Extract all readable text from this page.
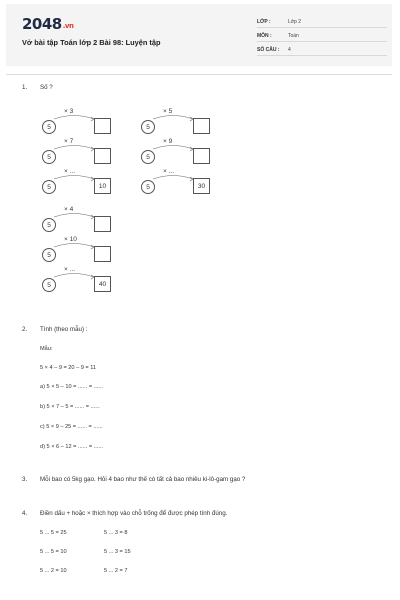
2048.vn
Vở bài tập Toán lớp 2 Bài 98: Luyện tập
LỚP :	Lớp 2
MÔN :	Toán
SỐ CÂU : 4
1. Số ?
5
× 3
5
× 7
5
× ...
10
5
× 5
5
× 9
5
× ...
30
5
× 4
5
× 10
5
× ...
40
2. Tính (theo mẫu) :
Mẫu:
5 × 4 – 9 = 20 – 9 = 11
a) 5 × 5 – 10 = ...... = ......
b) 5 × 7 – 5 = ...... = ......
c) 5 × 9 – 25 = ...... = ......
d) 5 × 6 – 12 = ...... = ......
3. Mỗi bao có 5kg gạo. Hỏi 4 bao như thế có tất cả bao nhiêu ki-lô-gam gạo ?
4. Điền dấu + hoặc × thích hợp vào chỗ trống để được phép tính đúng.
5 ... 5 = 25
5 ... 5 = 10
5 ... 2 = 10
5 ... 3 = 8
5 ... 3 = 15
5 ... 2 = 7
